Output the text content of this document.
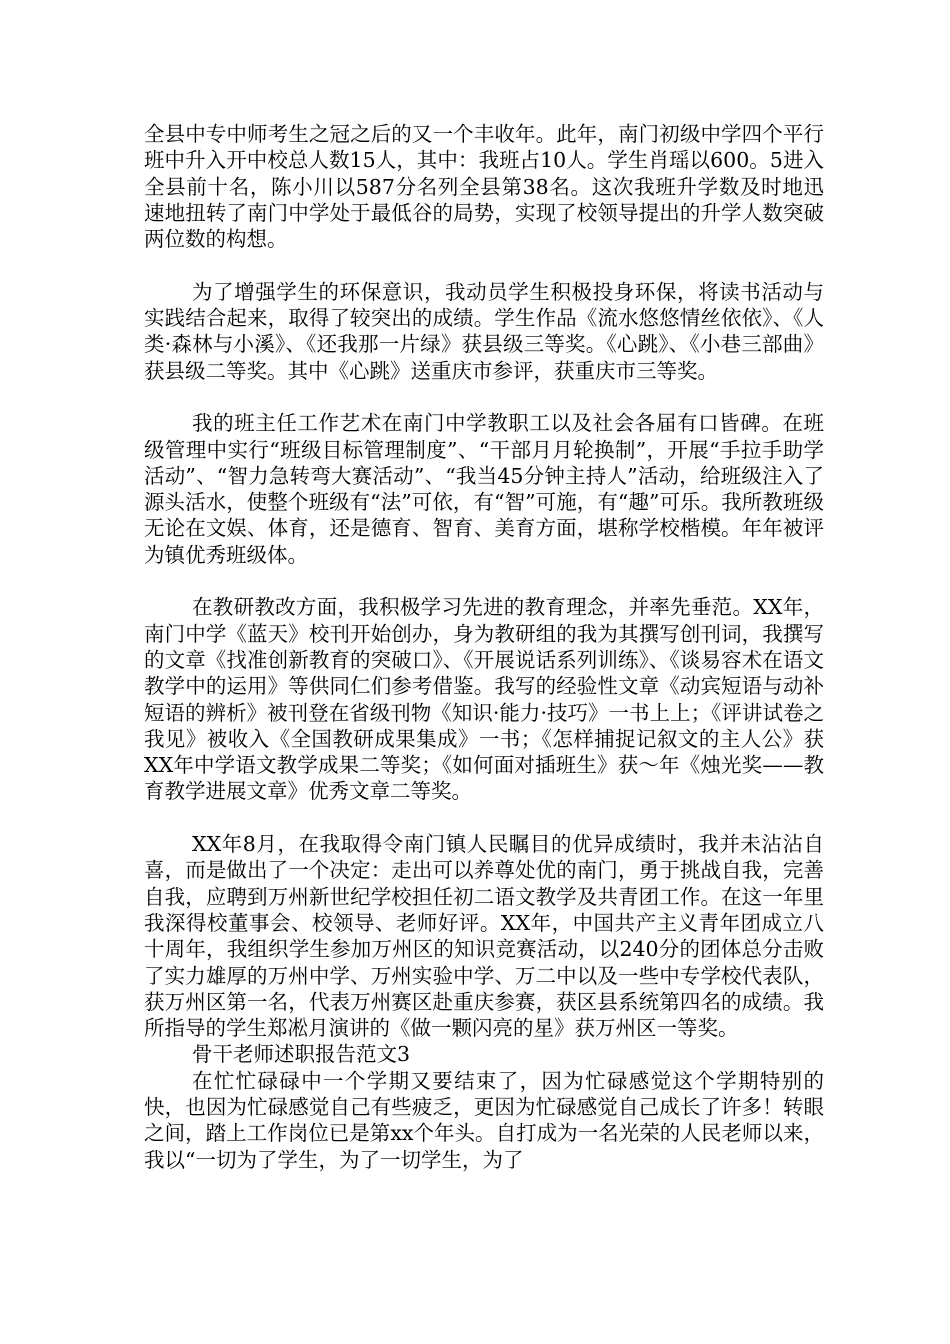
全县中专中师考生之冠之后的又一个丰收年。此年，南门初级中学四个平行班中升入开中校总人数15人，其中：我班占10人。学生肖瑶以600。5进入全县前十名，陈小川以587分名列全县第38名。这次我班升学数及时地迅速地扭转了南门中学处于最低谷的局势，实现了校领导提出的升学人数突破两位数的构想。

为了增强学生的环保意识，我动员学生积极投身环保，将读书活动与实践结合起来，取得了较突出的成绩。学生作品《流水悠悠情丝依依》、《人类·森林与小溪》、《还我那一片绿》获县级三等奖。《心跳》、《小巷三部曲》获县级二等奖。其中《心跳》送重庆市参评，获重庆市三等奖。

我的班主任工作艺术在南门中学教职工以及社会各届有口皆碑。在班级管理中实行“班级目标管理制度”、“干部月月轮换制”，开展“手拉手助学活动”、“智力急转弯大赛活动”、“我当45分钟主持人”活动，给班级注入了源头活水，使整个班级有“法”可依，有“智”可施，有“趣”可乐。我所教班级无论在文娱、体育，还是德育、智育、美育方面，堪称学校楷模。年年被评为镇优秀班级体。

在教研教改方面，我积极学习先进的教育理念，并率先垂范。XX年，南门中学《蓝天》校刊开始创办，身为教研组的我为其撰写创刊词，我撰写的文章《找准创新教育的突破口》、《开展说话系列训练》、《谈易容术在语文教学中的运用》等供同仁们参考借鉴。我写的经验性文章《动宾短语与动补短语的辨析》被刊登在省级刊物《知识·能力·技巧》一书上上；《评讲试卷之我见》被收入《全国教研成果集成》一书；《怎样捕捉记叙文的主人公》获XX年中学语文教学成果二等奖；《如何面对插班生》获～年《烛光奖——教育教学进展文章》优秀文章二等奖。

XX年8月，在我取得令南门镇人民瞩目的优异成绩时，我并未沾沾自喜，而是做出了一个决定：走出可以养尊处优的南门，勇于挑战自我，完善自我，应聘到万州新世纪学校担任初二语文教学及共青团工作。在这一年里我深得校董事会、校领导、老师好评。XX年，中国共产主义青年团成立八十周年，我组织学生参加万州区的知识竞赛活动，以240分的团体总分击败了实力雄厚的万州中学、万州实验中学、万二中以及一些中专学校代表队，获万州区第一名，代表万州赛区赴重庆参赛，获区县系统第四名的成绩。我所指导的学生郑凇月演讲的《做一颗闪亮的星》获万州区一等奖。

骨干老师述职报告范文3

在忙忙碌碌中一个学期又要结束了，因为忙碌感觉这个学期特别的快，也因为忙碌感觉自己有些疲乏，更因为忙碌感觉自己成长了许多！转眼之间，踏上工作岗位已是第xx个年头。自打成为一名光荣的人民老师以来，我以“一切为了学生，为了一切学生，为了
